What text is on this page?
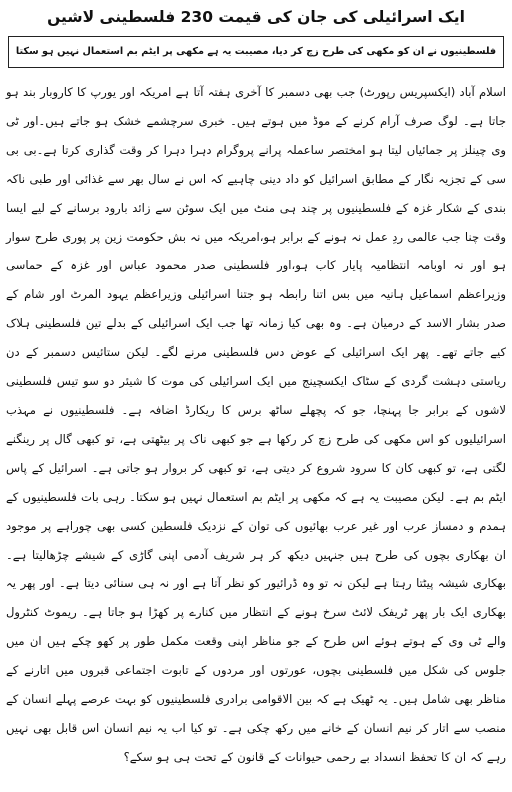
ایک اسرائیلی کی جان کی قیمت 230 فلسطینی لاشیں
فلسطینیوں نے ان کو مکھی کی طرح زچ کر دیا، مصیبت یہ ہے مکھی پر ایٹم بم استعمال نہیں ہو سکتا

اسلام آباد (ایکسپریس رپورٹ) جب بھی دسمبر کا آخری ہفتہ آتا ہے امریکہ اور یورپ کا کاروبار بند ہو جاتا ہے۔ لوگ صرف آرام کرنے کے موڈ میں ہوتے ہیں۔ خبری سرچشمے خشک ہو جاتے ہیں۔اور ٹی وی چینلز پر جمائیاں لیتا ہو امختصر ساعملہ پرانے پروگرام دہرا دہرا کر وقت گذاری کرتا ہے۔بی بی سی کے تجزیہ نگار کے مطابق اسرائیل کو داد دینی چاہیے کہ اس نے سال بھر سے غذائی اور طبی ناکہ بندی کے شکار غزہ کے فلسطینیوں پر چند ہی منٹ میں ایک سوٹن سے زائد بارود برسانے کے لیے ایسا وقت چنا جب عالمی ردِ عمل نہ ہونے کے برابر ہو،امریکہ میں نہ بش حکومت زین پر پوری طرح سوار ہو اور نہ اوبامہ انتظامیہ پایار کاب ہو،اور فلسطینی صدر محمود عباس اور غزہ کے حماسی وزیراعظم اسماعیل ہانیہ میں بس اتنا رابطہ ہو جتنا اسرائیلی وزیراعظم یہود المرٹ اور شام کے صدر بشار الاسد کے درمیان ہے۔ وہ بھی کیا زمانہ تھا جب ایک اسرائیلی کے بدلے تین فلسطینی ہلاک کیے جاتے تھے۔ پھر ایک اسرائیلی کے عوض دس فلسطینی مرنے لگے۔ لیکن ستائیس دسمبر کے دن ریاستی دہشت گردی کے سٹاک ایکسچینج میں ایک اسرائیلی کی موت کا شیئر دو سو تیس فلسطینی لاشوں کے برابر جا پہنچا، جو کہ پچھلے ساٹھ برس کا ریکارڈ اضافہ ہے۔ فلسطینیوں نے مہذب اسرائیلیوں کو اس مکھی کی طرح زچ کر رکھا ہے جو کبھی ناک پر بیٹھتی ہے، تو کبھی گال پر رینگنے لگتی ہے، تو کبھی کان کا سرود شروع کر دیتی ہے، تو کبھی کر بروار ہو جاتی ہے۔ اسرائیل کے پاس ایٹم بم ہے۔ لیکن مصیبت یہ ہے کہ مکھی پر ایٹم بم استعمال نہیں ہو سکتا۔ رہی بات فلسطینیوں کے ہمدم و دمساز عرب اور غیر عرب بھائیوں کی توان کے نزدیک فلسطین کسی بھی چوراہے پر موجود ان بھکاری بچوں کی طرح ہیں جنہیں دیکھ کر ہر شریف آدمی اپنی گاڑی کے شیشے چڑھالیتا ہے۔ بھکاری شیشہ پیٹتا رہتا ہے لیکن نہ تو وہ ڈرائیور کو نظر آتا ہے اور نہ ہی سنائی دیتا ہے۔ اور پھر یہ بھکاری ایک بار پھر ٹریفک لائٹ سرخ ہونے کے انتظار میں کنارے پر کھڑا ہو جاتا ہے۔ ریموٹ کنٹرول والے ٹی وی کے ہوتے ہوئے اس طرح کے جو مناظر اپنی وقعت مکمل طور پر کھو چکے ہیں ان میں جلوس کی شکل میں فلسطینی بچوں، عورتوں اور مردوں کے تابوت اجتماعی قبروں میں اتارنے کے مناظر بھی شامل ہیں۔ یہ ٹھیک ہے کہ بین الاقوامی برادری فلسطینیوں کو بہت عرصے پہلے انسان کے منصب سے اتار کر نیم انسان کے خانے میں رکھ چکی ہے۔ تو کیا اب یہ نیم انسان اس قابل بھی نہیں رہے کہ ان کا تحفظ انسداد بے رحمی حیوانات کے قانون کے تحت ہی ہو سکے؟
